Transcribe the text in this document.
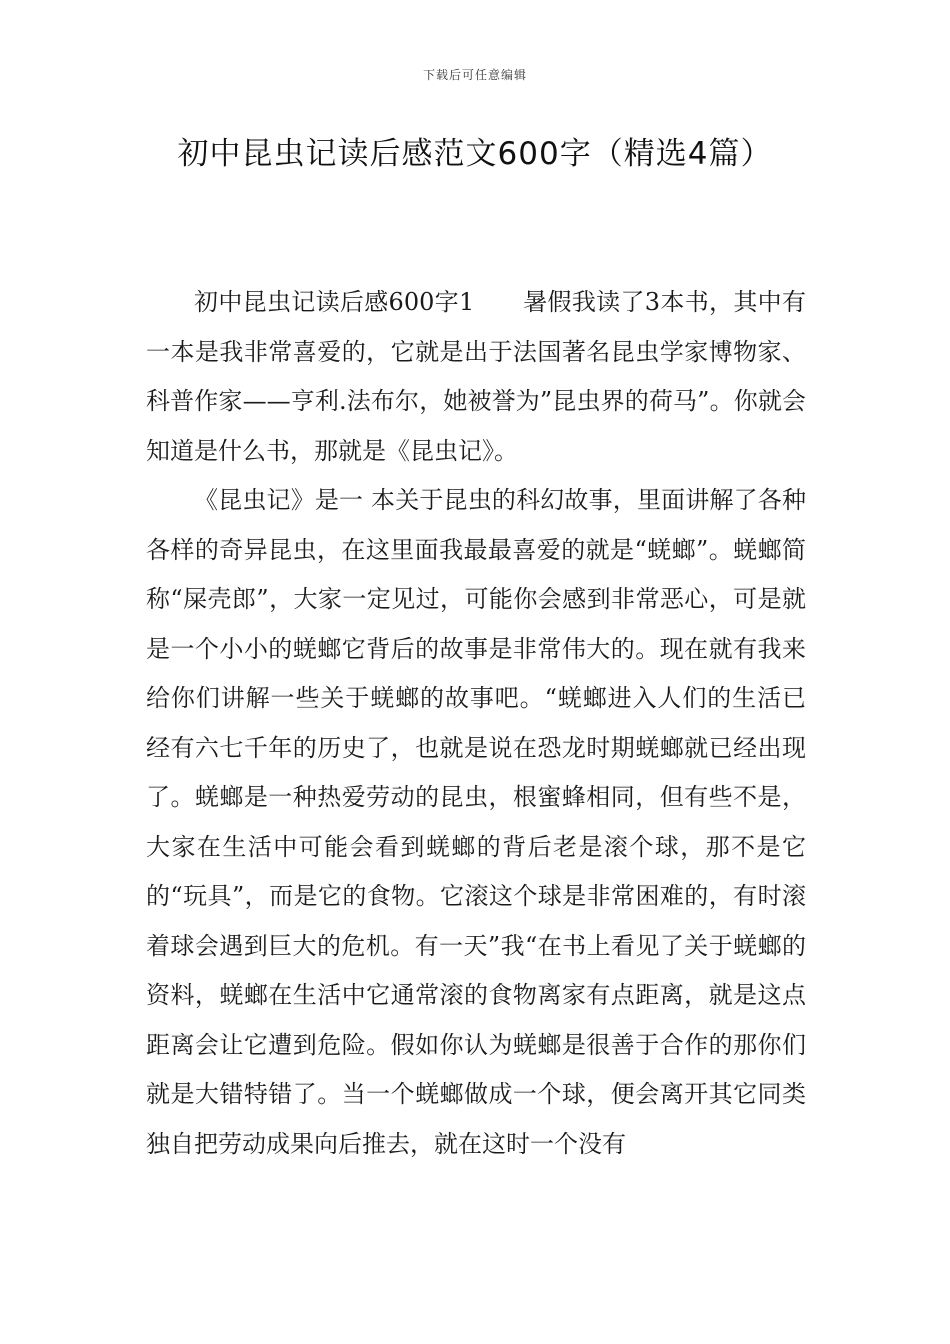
下载后可任意编辑
初中昆虫记读后感范文600字（精选4篇）

初中昆虫记读后感600字1　　暑假我读了3本书，其中有一本是我非常喜爱的，它就是出于法国著名昆虫学家博物家、科普作家——亨利.法布尔，她被誉为”昆虫界的荷马”。你就会知道是什么书，那就是《昆虫记》。

《昆虫记》是一 本关于昆虫的科幻故事，里面讲解了各种各样的奇异昆虫，在这里面我最最喜爱的就是“蜣螂”。蜣螂简称“屎壳郎”，大家一定见过，可能你会感到非常恶心，可是就是一个小小的蜣螂它背后的故事是非常伟大的。现在就有我来给你们讲解一些关于蜣螂的故事吧。“蜣螂进入人们的生活已经有六七千年的历史了，也就是说在恐龙时期蜣螂就已经出现了。蜣螂是一种热爱劳动的昆虫，根蜜蜂相同，但有些不是，大家在生活中可能会看到蜣螂的背后老是滚个球，那不是它的“玩具”，而是它的食物。它滚这个球是非常困难的，有时滚着球会遇到巨大的危机。有一天”我“在书上看见了关于蜣螂的资料，蜣螂在生活中它通常滚的食物离家有点距离，就是这点距离会让它遭到危险。假如你认为蜣螂是很善于合作的那你们就是大错特错了。当一个蜣螂做成一个球，便会离开其它同类独自把劳动成果向后推去，就在这时一个没有
